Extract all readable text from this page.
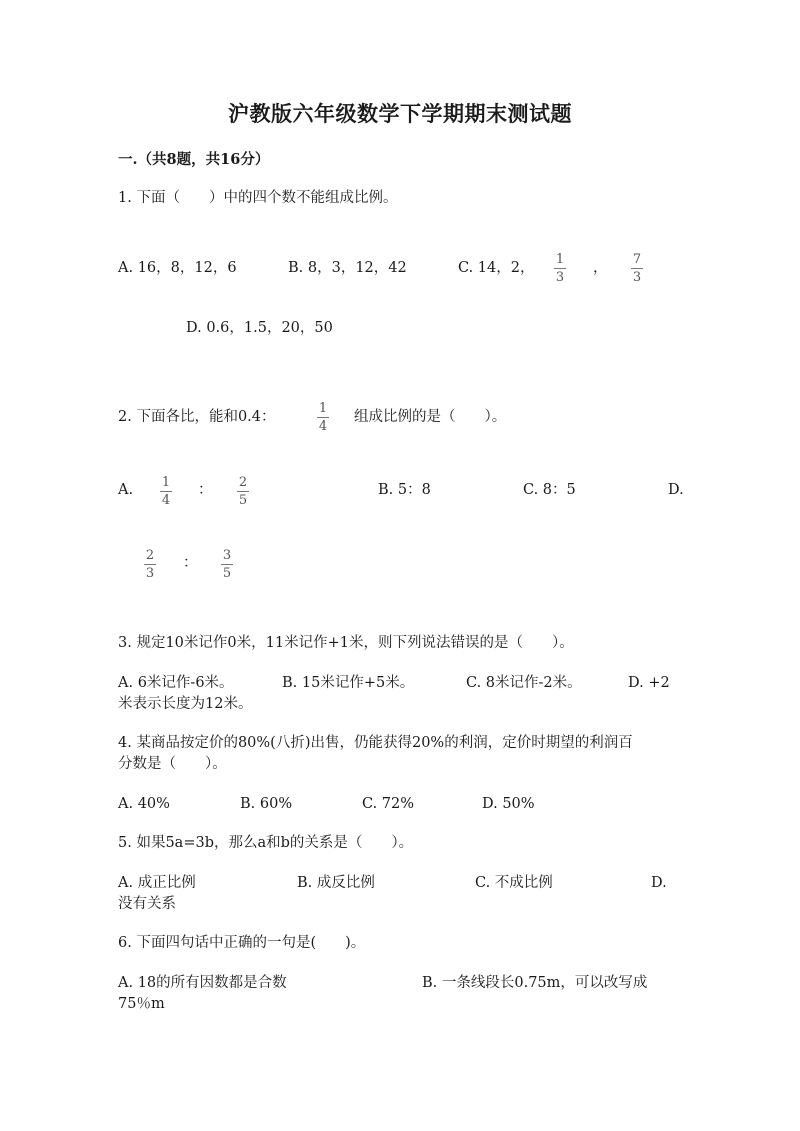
沪教版六年级数学下学期期末测试题
一.（共8题，共16分）
1. 下面（　　）中的四个数不能组成比例。
A. 16，8，12，6	B. 8，3，12，42	C. 14，2，
1
3
，
7
3
D. 0.6，1.5，20，50
2. 下面各比，能和0.4：
1
4
组成比例的是（　　）。
A. 1
4
： 2
5
B. 5：8	C. 8：5	D.
2
3
： 3
5
3. 规定10米记作0米，11米记作+1米，则下列说法错误的是（　　）。
A. 6米记作-6米。	B. 15米记作+5米。	C. 8米记作-2米。	D. +2
米表示长度为12米。
4. 某商品按定价的80%(八折)出售，仍能获得20%的利润，定价时期望的利润百
分数是（　　）。
A. 40%	B. 60%	C. 72%	D. 50%
5. 如果5a=3b，那么a和b的关系是（　　）。
A. 成正比例	B. 成反比例	C. 不成比例	D.
没有关系
6. 下面四句话中正确的一句是(　　)。
A. 18的所有因数都是合数	B. 一条线段长0.75m，可以改写成
75％m
